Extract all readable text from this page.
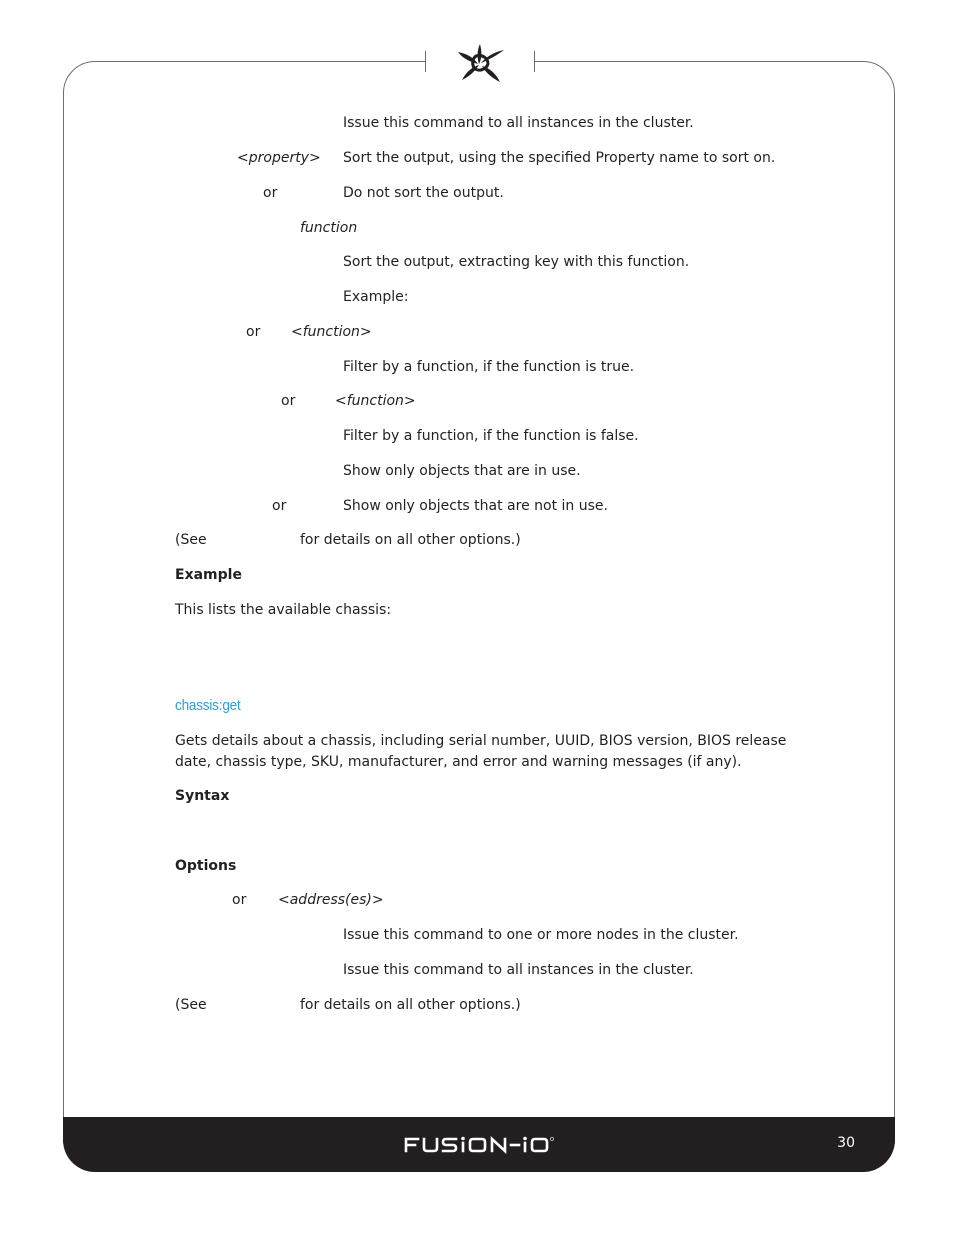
Issue this command to all instances in the cluster.
<property> Sort the output, using the specified Property name to sort on.
or	Do not sort the output.
function
Sort the output, extracting key with this function.
Example:
or <function>
Filter by a function, if the function is true.
or	<function>
Filter by a function, if the function is false.
Show only objects that are in use.
or	Show only objects that are not in use.
(See	for details on all other options.)
Example
This lists the available chassis:
chassis:get
Gets details about a chassis, including serial number, UUID, BIOS version, BIOS release date, chassis type, SKU, manufacturer, and error and warning messages (if any).
Syntax
Options
or <address(es)>
Issue this command to one or more nodes in the cluster.
Issue this command to all instances in the cluster.
(See	for details on all other options.)
30
